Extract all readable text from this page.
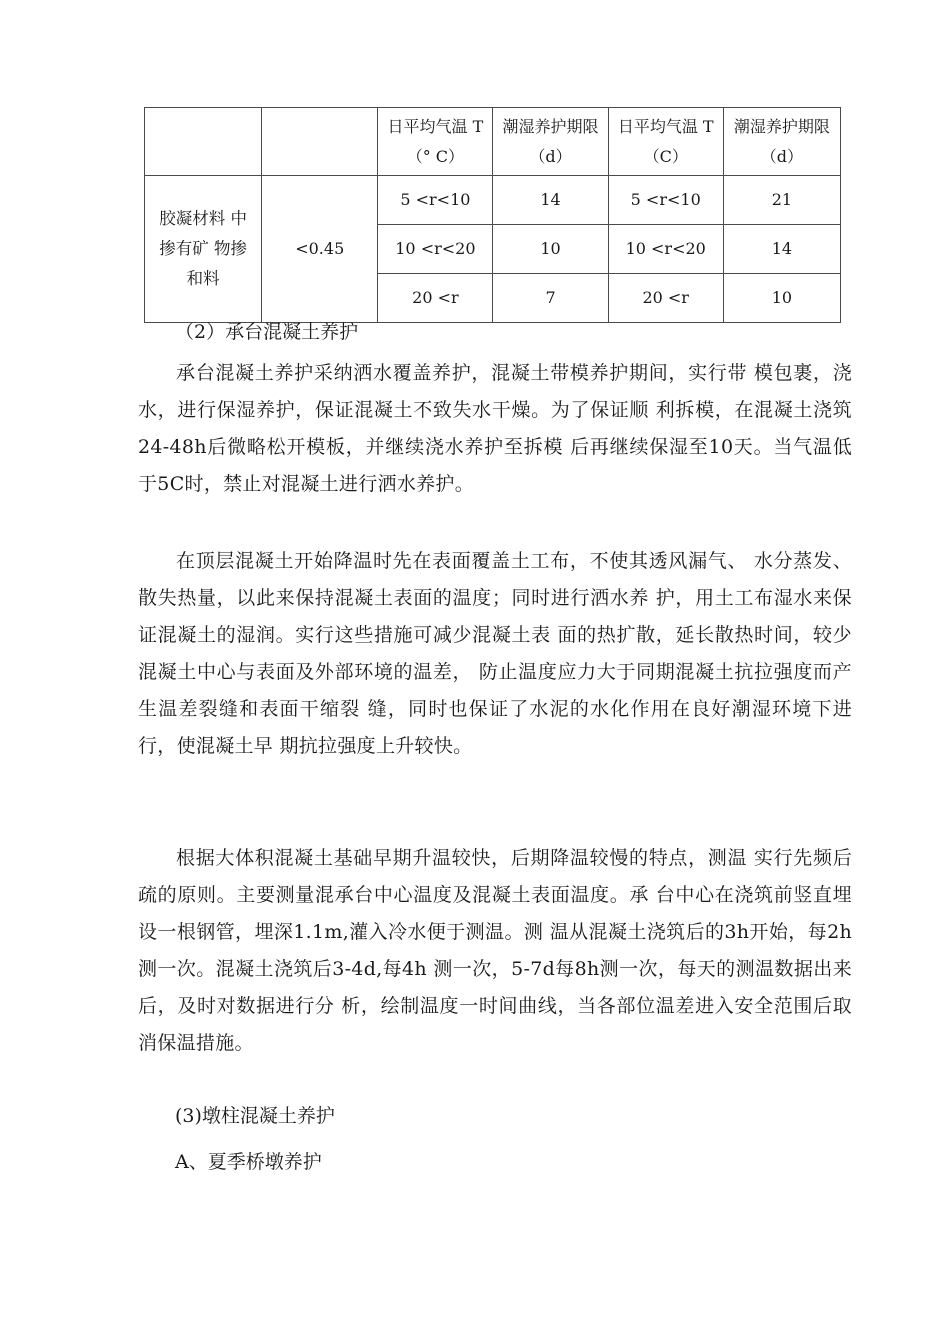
		日平均气温 T（° C）	潮湿养护期限（d）	日平均气温 T（C）	潮湿养护期限（d）
胶凝材料 中掺有矿 物掺和料	<0.45	5 <r<10	14	5 <r<10	21
		10 <r<20	10	10 <r<20	14
		20 <r	7	20 <r	10

（2）承台混凝土养护

承台混凝土养护采纳洒水覆盖养护，混凝土带模养护期间，实行带 模包裹，浇水，进行保湿养护，保证混凝土不致失水干燥。为了保证顺 利拆模，在混凝土浇筑24-48h后微略松开模板，并继续浇水养护至拆模 后再继续保湿至10天。当气温低于5C时，禁止对混凝土进行洒水养护。

在顶层混凝土开始降温时先在表面覆盖土工布，不使其透风漏气、 水分蒸发、散失热量，以此来保持混凝土表面的温度；同时进行洒水养 护，用土工布湿水来保证混凝土的湿润。实行这些措施可减少混凝土表 面的热扩散，延长散热时间，较少混凝土中心与表面及外部环境的温差， 防止温度应力大于同期混凝土抗拉强度而产生温差裂缝和表面干缩裂 缝，同时也保证了水泥的水化作用在良好潮湿环境下进行，使混凝土早 期抗拉强度上升较快。

根据大体积混凝土基础早期升温较快，后期降温较慢的特点，测温 实行先频后疏的原则。主要测量混承台中心温度及混凝土表面温度。承 台中心在浇筑前竖直埋设一根钢管，埋深1.1m,灌入冷水便于测温。测 温从混凝土浇筑后的3h开始，每2h测一次。混凝土浇筑后3-4d,每4h 测一次，5-7d每8h测一次，每天的测温数据出来后，及时对数据进行分 析，绘制温度一时间曲线，当各部位温差进入安全范围后取消保温措施。

(3)墩柱混凝土养护

A、夏季桥墩养护
